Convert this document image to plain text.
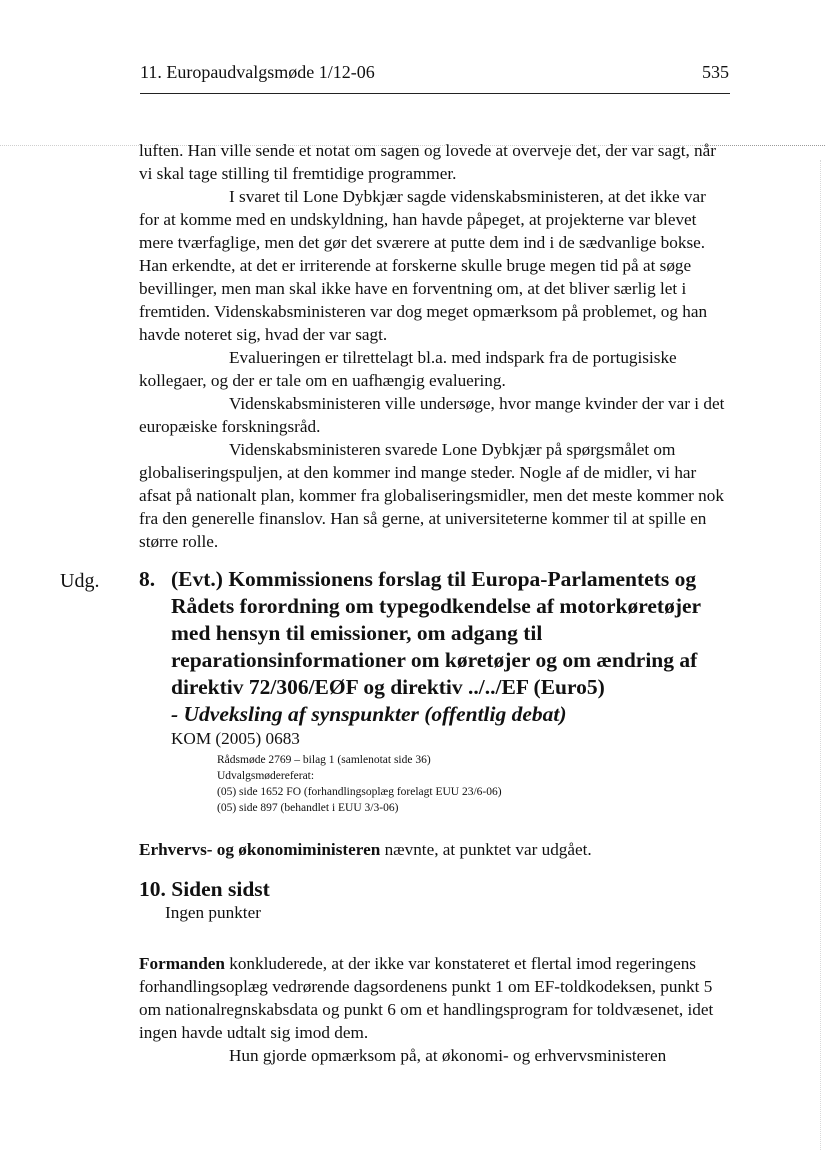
11. Europaudvalgsmøde 1/12-06	535

luften. Han ville sende et notat om sagen og lovede at overveje det, der var sagt, når vi skal tage stilling til fremtidige programmer.

I svaret til Lone Dybkjær sagde videnskabsministeren, at det ikke var for at komme med en undskyldning, han havde påpeget, at projekterne var blevet mere tværfaglige, men det gør det sværere at putte dem ind i de sædvanlige bokse. Han erkendte, at det er irriterende at forskerne skulle bruge megen tid på at søge bevillinger, men man skal ikke have en forventning om, at det bliver særlig let i fremtiden. Videnskabsministeren var dog meget opmærksom på problemet, og han havde noteret sig, hvad der var sagt.

Evalueringen er tilrettelagt bl.a. med indspark fra de portugisiske kollegaer, og der er tale om en uafhængig evaluering.

Videnskabsministeren ville undersøge, hvor mange kvinder der var i det europæiske forskningsråd.

Videnskabsministeren svarede Lone Dybkjær på spørgsmålet om globaliseringspuljen, at den kommer ind mange steder. Nogle af de midler, vi har afsat på nationalt plan, kommer fra globaliseringsmidler, men det meste kommer nok fra den generelle finanslov. Han så gerne, at universiteterne kommer til at spille en større rolle.

Udg. 8. (Evt.) Kommissionens forslag til Europa-Parlamentets og Rådets forordning om typegodkendelse af motorkøretøjer med hensyn til emissioner, om adgang til reparationsinformationer om køretøjer og om ændring af direktiv 72/306/EØF og direktiv ../../EF (Euro5)
- Udveksling af synspunkter (offentlig debat)
KOM (2005) 0683
Rådsmøde 2769 – bilag 1 (samlenotat side 36)
Udvalgsmødereferat:
(05) side 1652 FO (forhandlingsoplæg forelagt EUU 23/6-06)
(05) side 897 (behandlet i EUU 3/3-06)

Erhvervs- og økonomiministeren nævnte, at punktet var udgået.

10. Siden sidst
Ingen punkter

Formanden konkluderede, at der ikke var konstateret et flertal imod regeringens forhandlingsoplæg vedrørende dagsordenens punkt 1 om EF-toldkodeksen, punkt 5 om nationalregnskabsdata og punkt 6 om et handlingsprogram for toldvæsenet, idet ingen havde udtalt sig imod dem.

Hun gjorde opmærksom på, at økonomi- og erhvervsministeren
